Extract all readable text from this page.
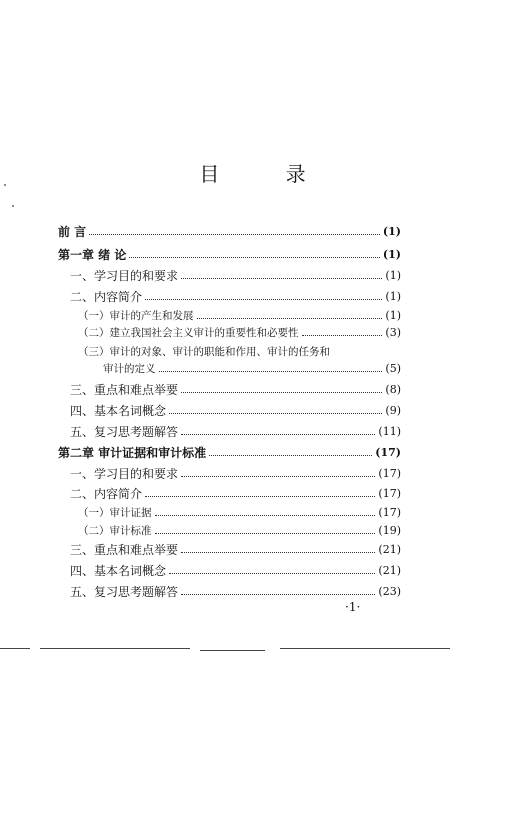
目 录
前 言	(1)
第一章 绪 论	(1)
一、学习目的和要求	(1)
二、内容简介	(1)
（一）审计的产生和发展	(1)
（二）建立我国社会主义审计的重要性和必要性	(3)
（三）审计的对象、审计的职能和作用、审计的任务和
审计的定义	(5)
三、重点和难点举要	(8)
四、基本名词概念	(9)
五、复习思考题解答	(11)
第二章 审计证据和审计标准	(17)
一、学习目的和要求	(17)
二、内容简介	(17)
（一）审计证据	(17)
（二）审计标准	(19)
三、重点和难点举要	(21)
四、基本名词概念	(21)
五、复习思考题解答	(23)
·1·
